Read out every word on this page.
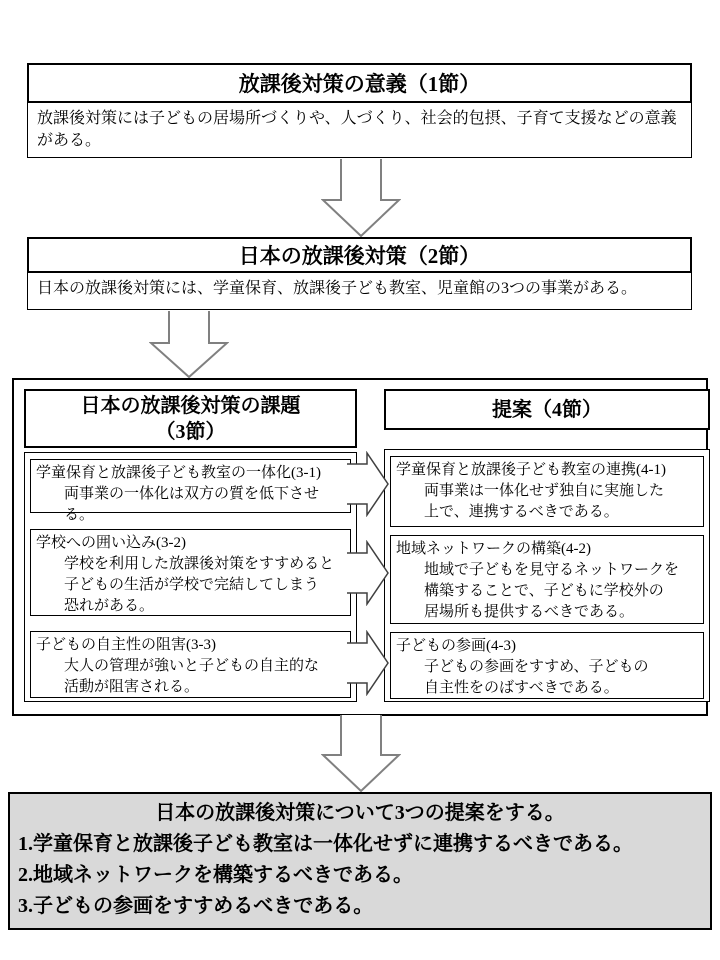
放課後対策の意義（1節）
放課後対策には子どもの居場所づくりや、人づくり、社会的包摂、子育て支援などの意義がある。
日本の放課後対策（2節）
日本の放課後対策には、学童保育、放課後子ども教室、児童館の3つの事業がある。
日本の放課後対策の課題
（3節）
学童保育と放課後子ども教室の一体化(3-1)
両事業の一体化は双方の質を低下させる。
学校への囲い込み(3-2)
学校を利用した放課後対策をすすめると
子どもの生活が学校で完結してしまう
恐れがある。
子どもの自主性の阻害(3-3)
大人の管理が強いと子どもの自主的な
活動が阻害される。
提案（4節）
学童保育と放課後子ども教室の連携(4-1)
両事業は一体化せず独自に実施した
上で、連携するべきである。
地域ネットワークの構築(4-2)
地域で子どもを見守るネットワークを
構築することで、子どもに学校外の
居場所も提供するべきである。
子どもの参画(4-3)
子どもの参画をすすめ、子どもの
自主性をのばすべきである。
日本の放課後対策について3つの提案をする。
1.学童保育と放課後子ども教室は一体化せずに連携するべきである。
2.地域ネットワークを構築するべきである。
3.子どもの参画をすすめるべきである。
